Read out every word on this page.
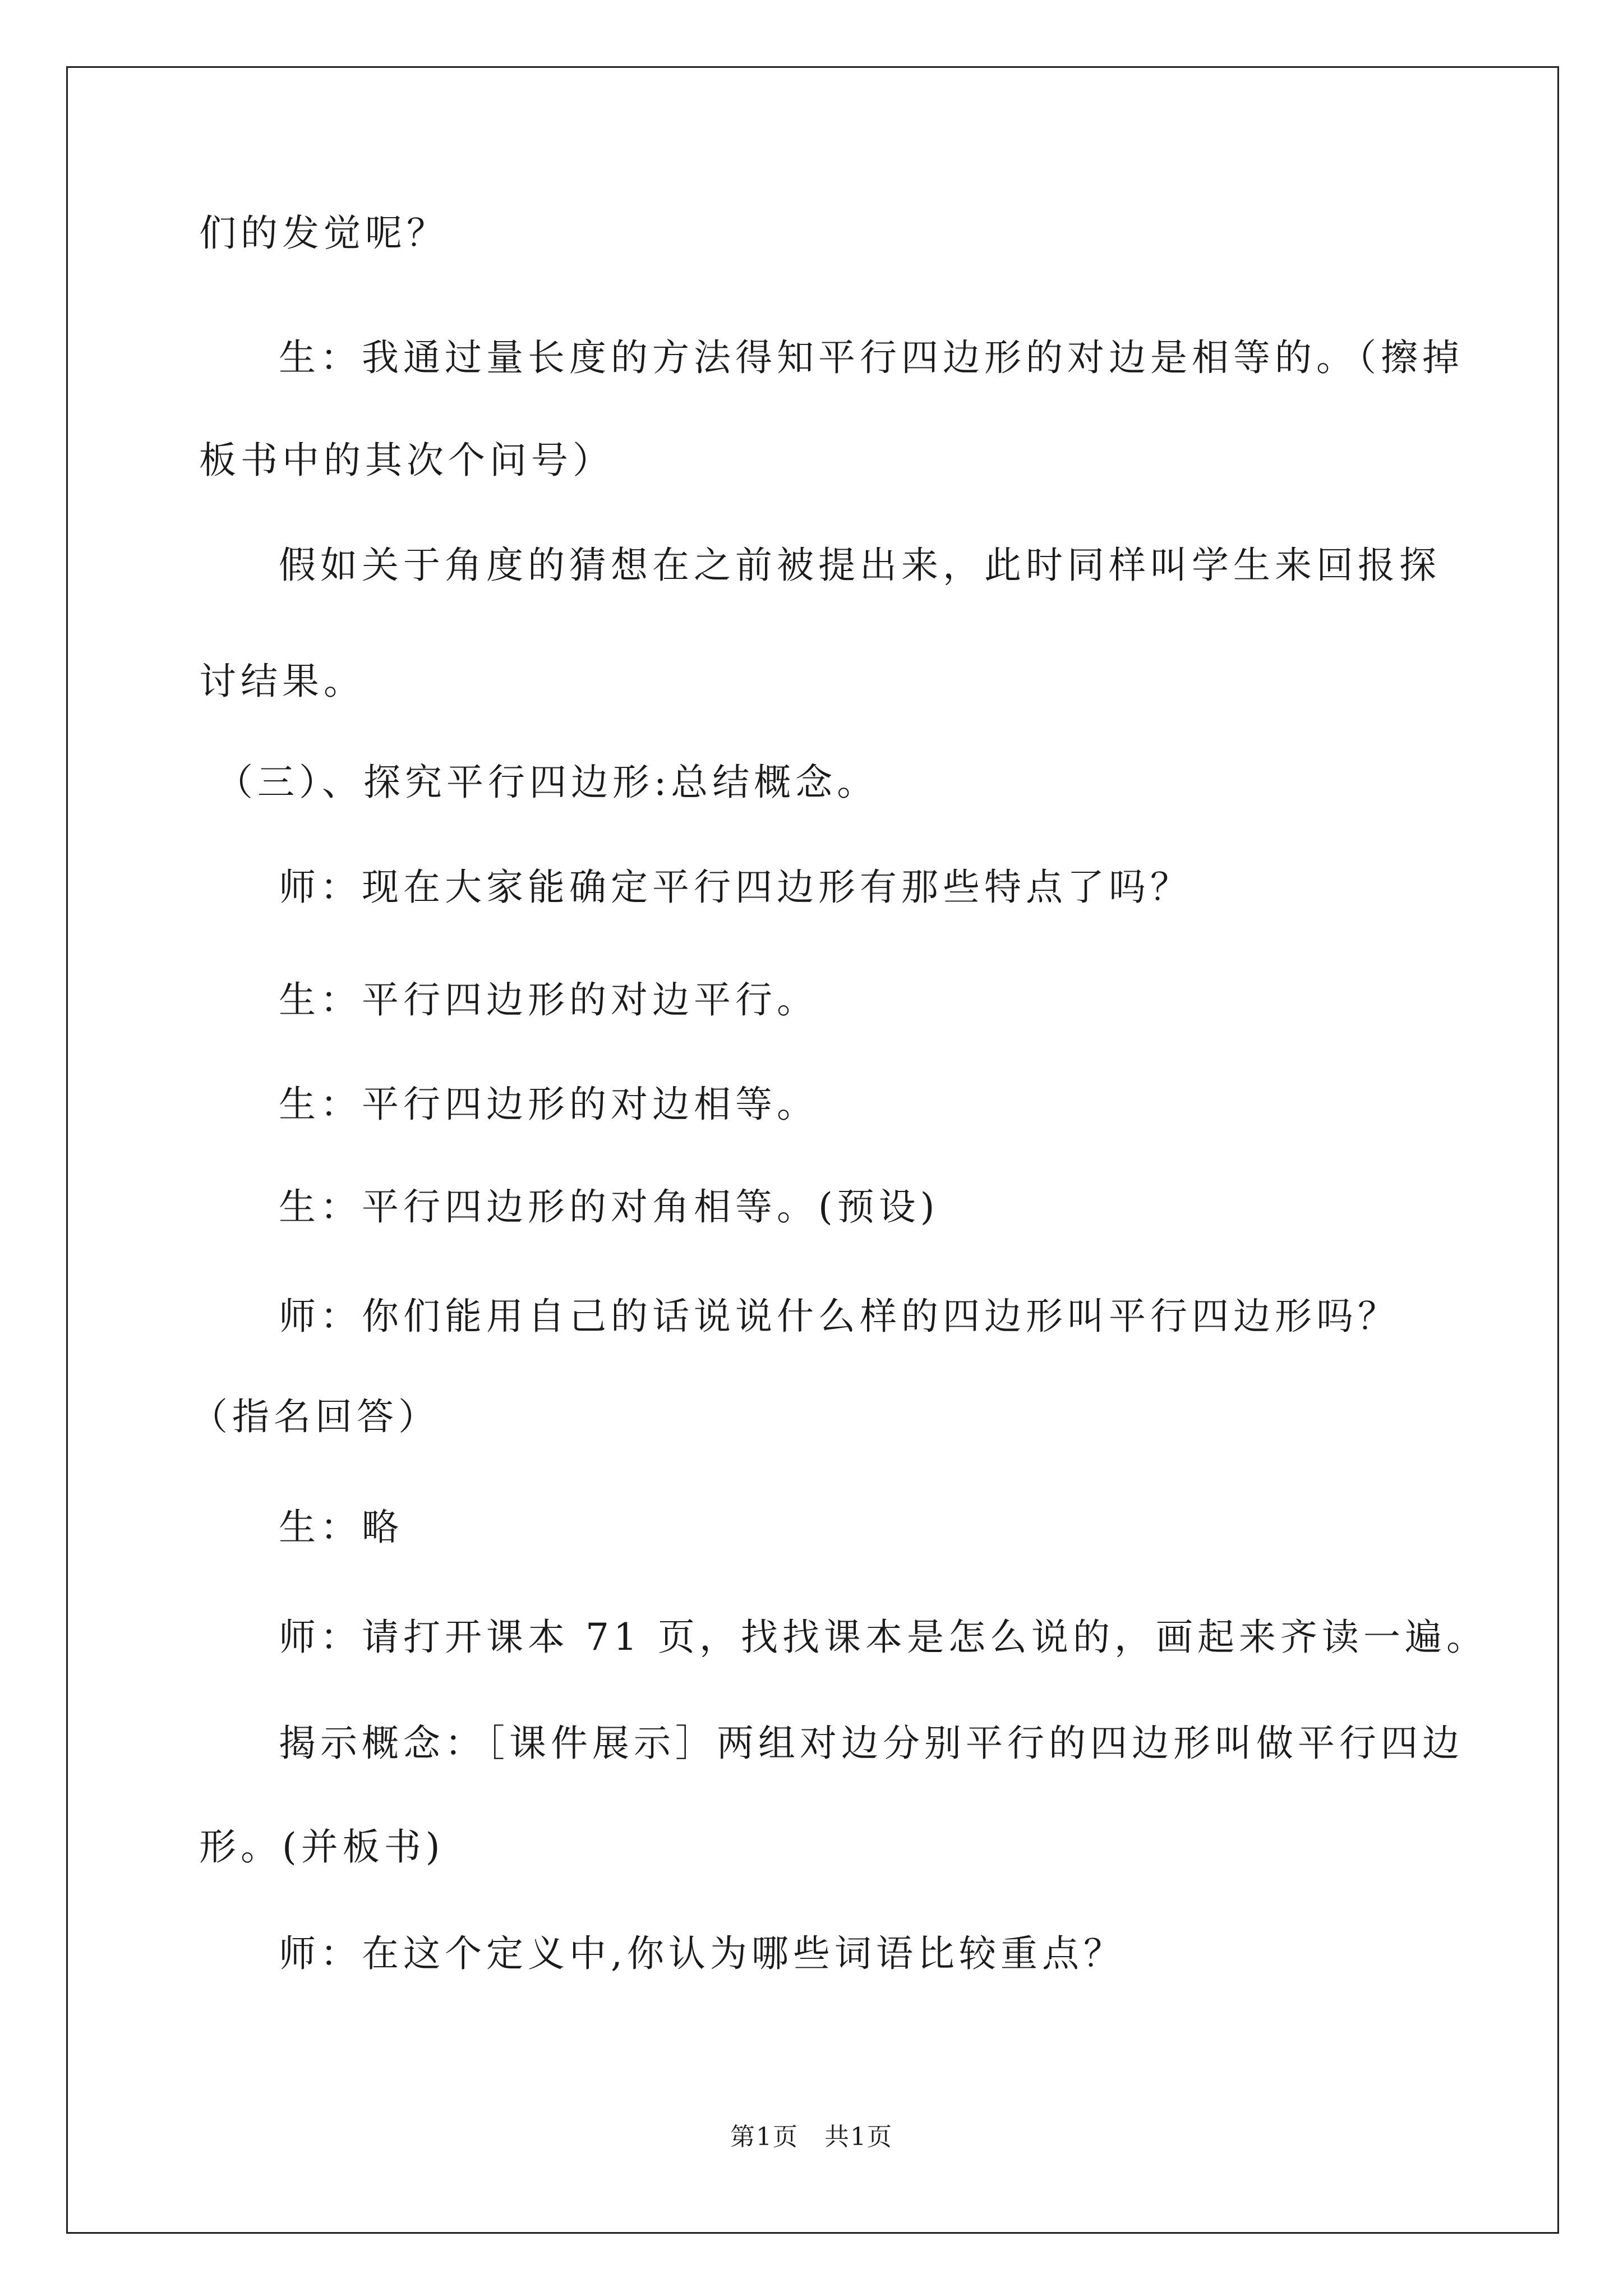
们的发觉呢？

生：我通过量长度的方法得知平行四边形的对边是相等的。（擦掉

板书中的其次个问号）

假如关于角度的猜想在之前被提出来，此时同样叫学生来回报探

讨结果。

（三）、探究平行四边形:总结概念。

师：现在大家能确定平行四边形有那些特点了吗？

生：平行四边形的对边平行。

生：平行四边形的对边相等。

生：平行四边形的对角相等。(预设)

师：你们能用自己的话说说什么样的四边形叫平行四边形吗？

（指名回答）

生：略

师：请打开课本 71 页，找找课本是怎么说的，画起来齐读一遍。

揭示概念：［课件展示］两组对边分别平行的四边形叫做平行四边

形。(并板书)

师：在这个定义中,你认为哪些词语比较重点？

第1页　共1页
